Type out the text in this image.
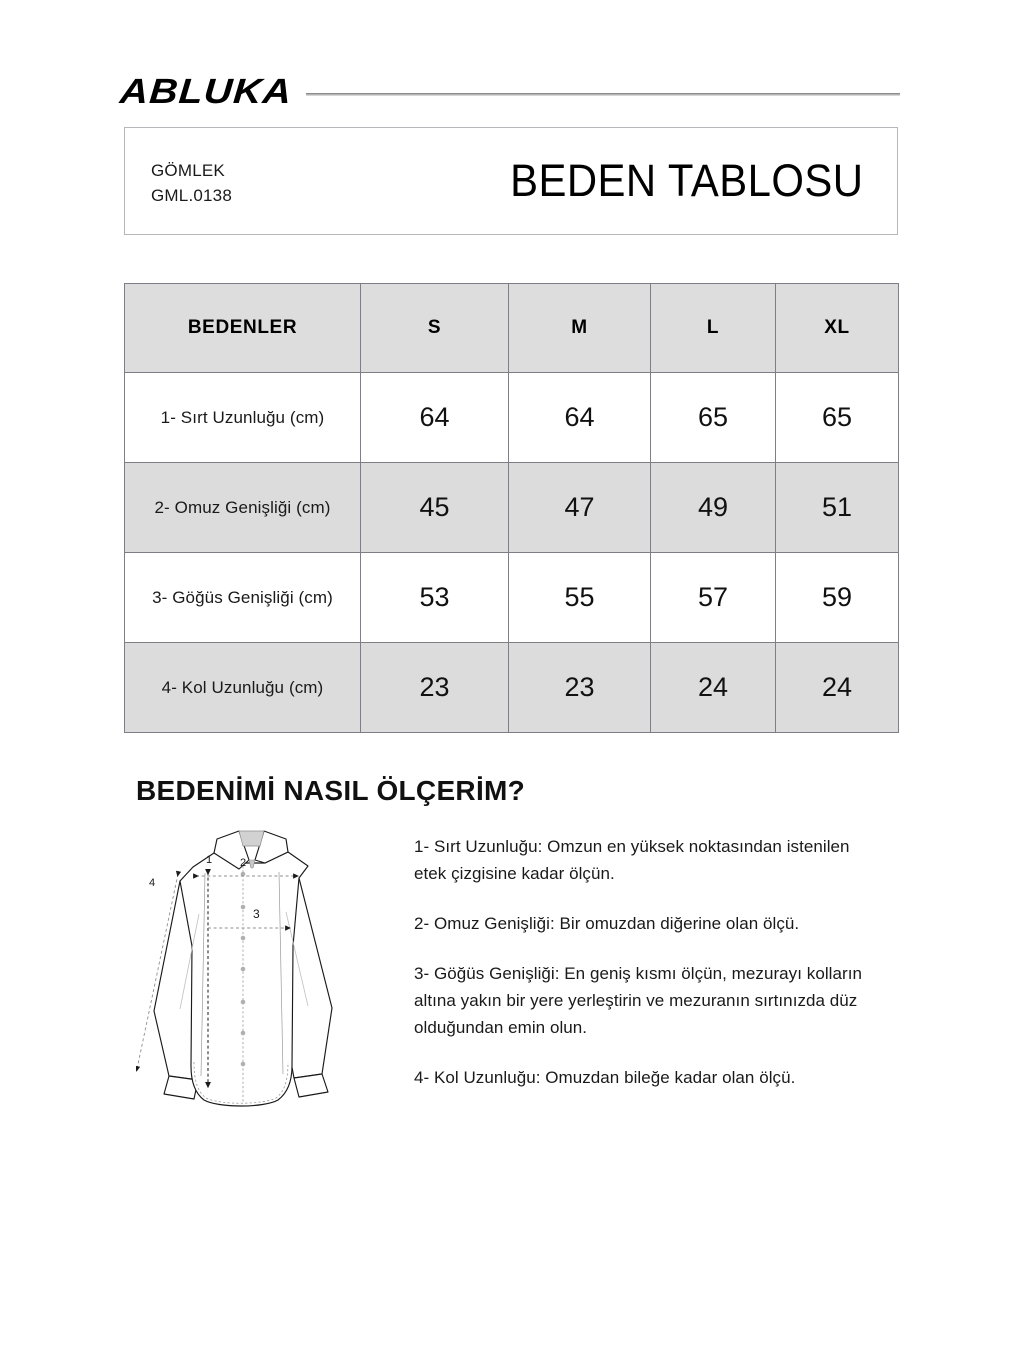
ABLUKA
GÖMLEK
GML.0138	BEDEN TABLOSU
BEDENLER	S	M	L	XL
1- Sırt Uzunluğu (cm)	64	64	65	65
2- Omuz Genişliği (cm)	45	47	49	51
3- Göğüs Genişliği (cm)	53	55	57	59
4- Kol Uzunluğu (cm)	23	23	24	24
BEDENİMİ NASIL ÖLÇERİM?
1	2
3
4

1- Sırt Uzunluğu: Omzun en yüksek noktasından istenilen etek çizgisine kadar ölçün.

2- Omuz Genişliği: Bir omuzdan diğerine olan ölçü.

3- Göğüs Genişliği: En geniş kısmı ölçün, mezurayı kolların altına yakın bir yere yerleştirin ve mezuranın sırtınızda düz olduğundan emin olun.

4- Kol Uzunluğu: Omuzdan bileğe kadar olan ölçü.
